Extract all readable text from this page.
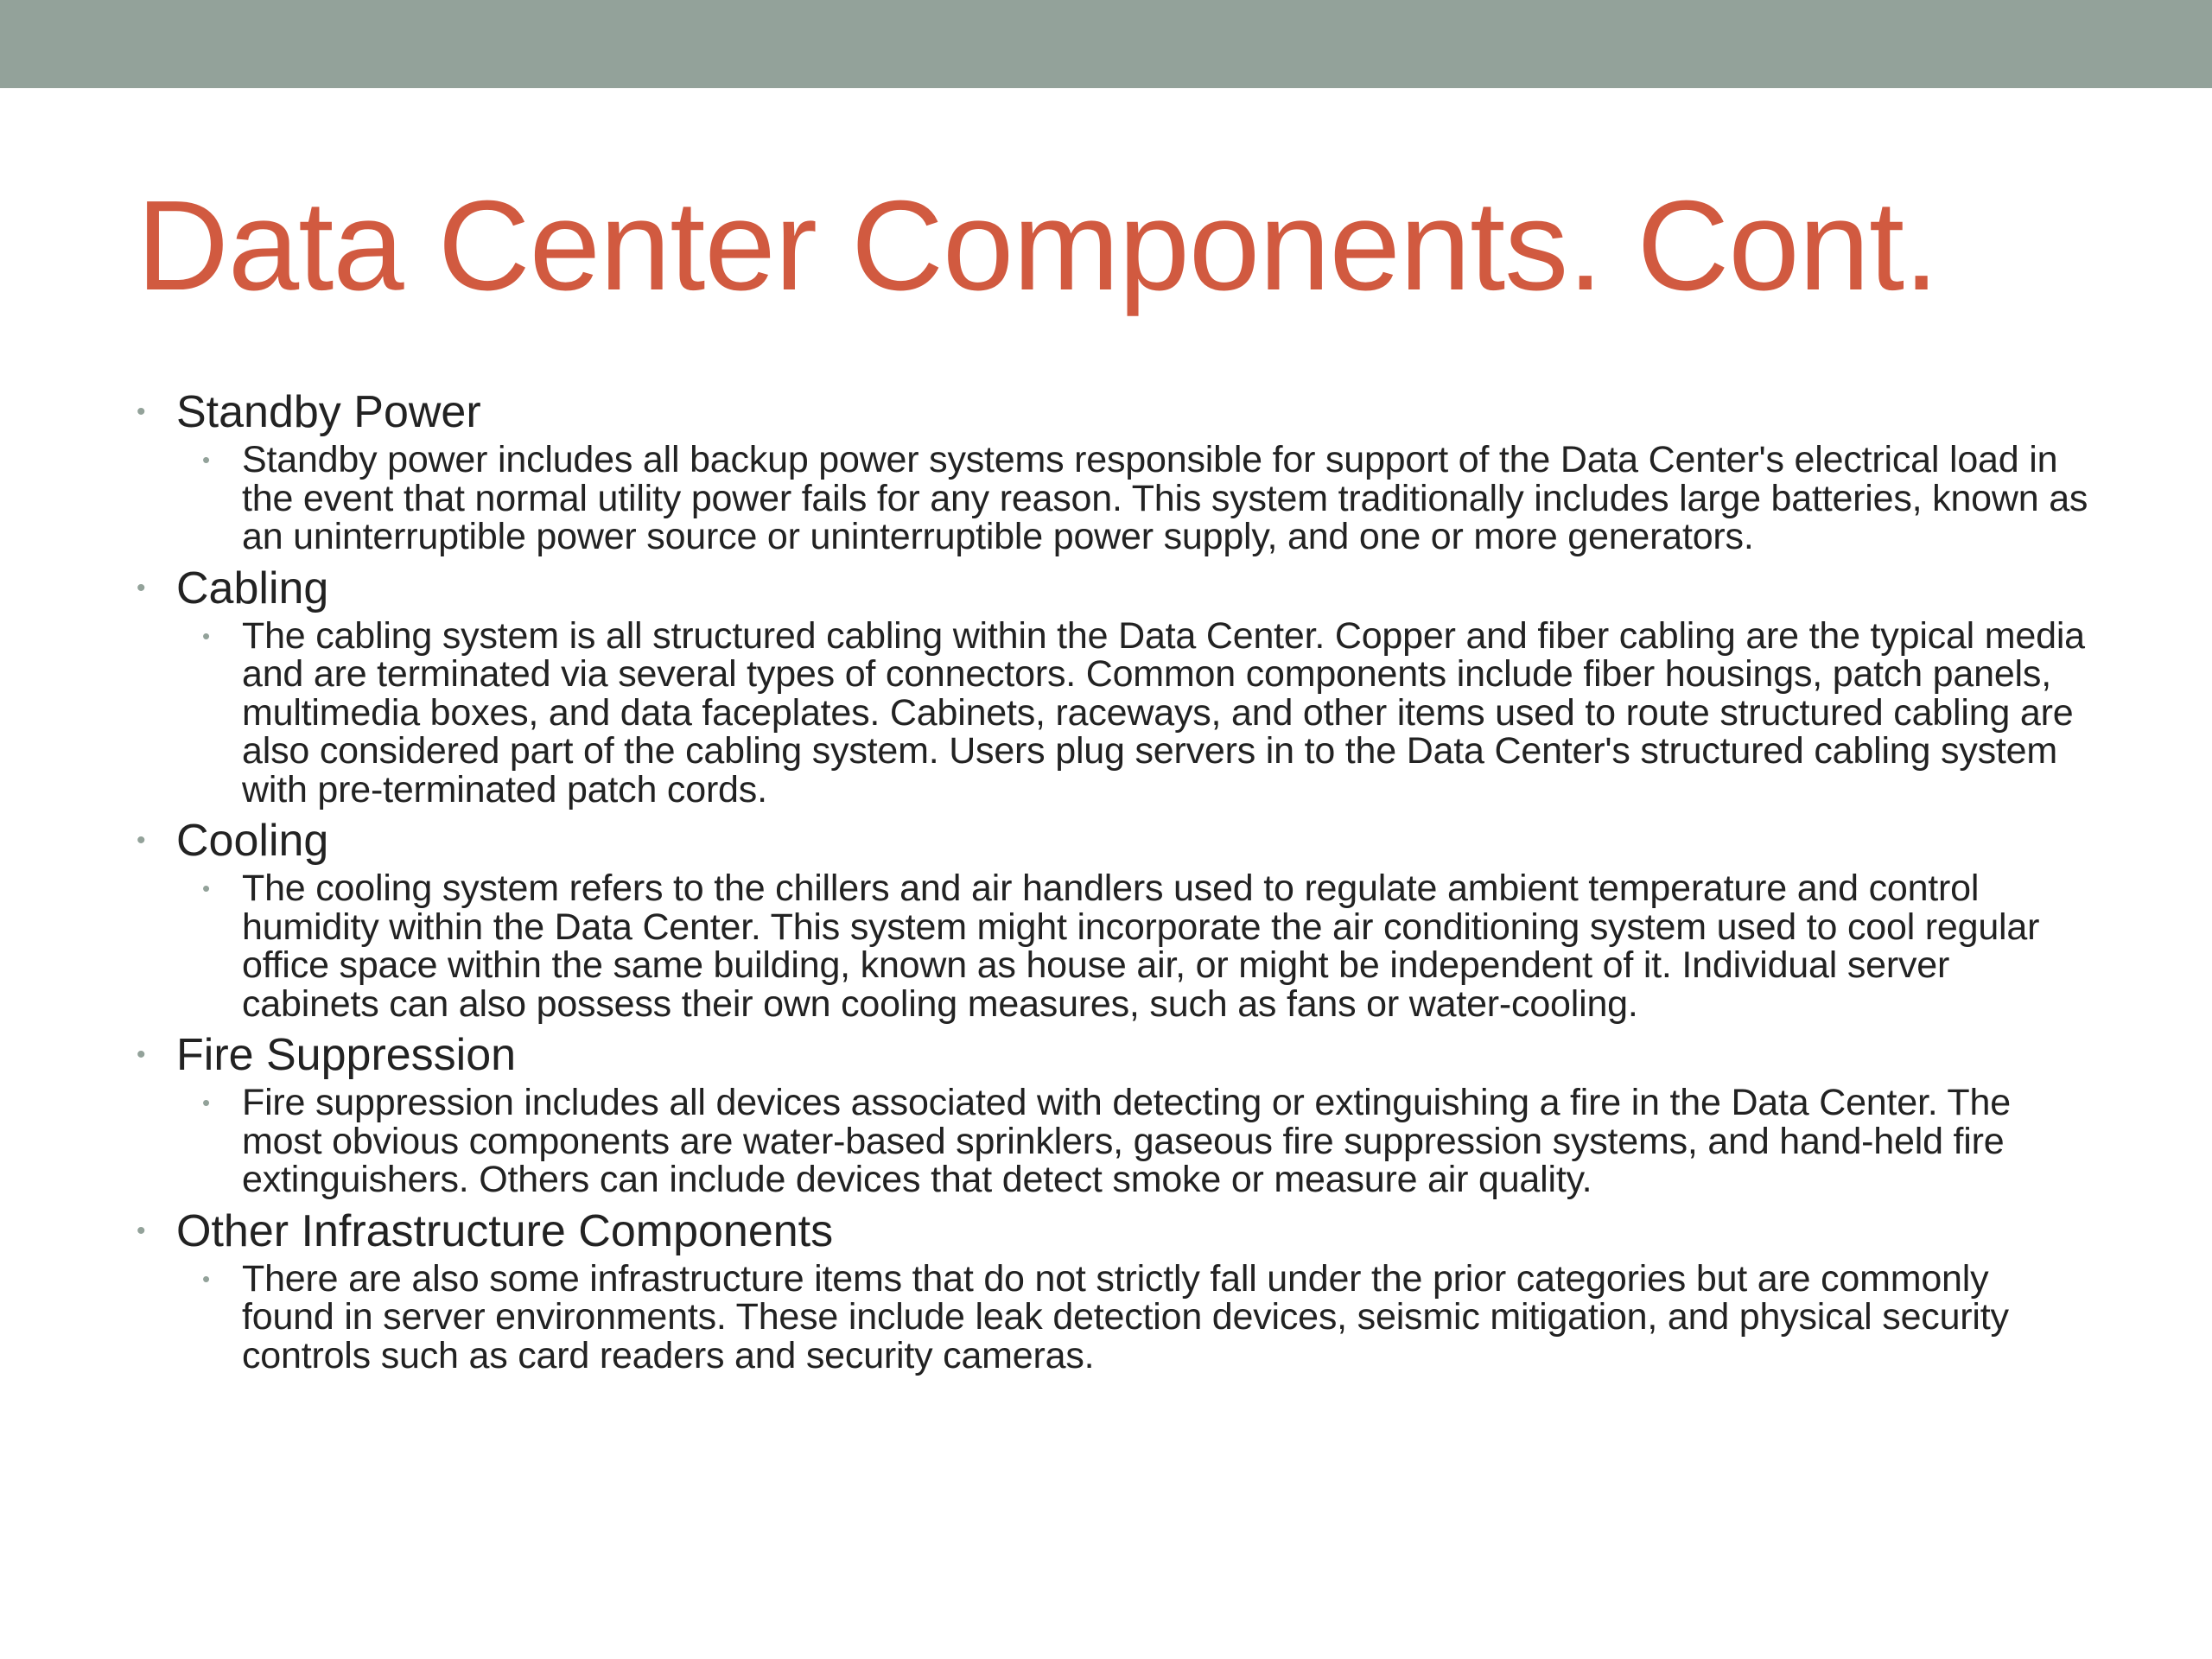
Data Center Components. Cont.
• Standby Power
• Standby power includes all backup power systems responsible for support of the Data Center's electrical load in the event that normal utility power fails for any reason. This system traditionally includes large batteries, known as an uninterruptible power source or uninterruptible power supply, and one or more generators.
• Cabling
• The cabling system is all structured cabling within the Data Center. Copper and fiber cabling are the typical media and are terminated via several types of connectors. Common components include fiber housings, patch panels, multimedia boxes, and data faceplates. Cabinets, raceways, and other items used to route structured cabling are also considered part of the cabling system. Users plug servers in to the Data Center's structured cabling system with pre-terminated patch cords.
• Cooling
• The cooling system refers to the chillers and air handlers used to regulate ambient temperature and control humidity within the Data Center. This system might incorporate the air conditioning system used to cool regular office space within the same building, known as house air, or might be independent of it. Individual server cabinets can also possess their own cooling measures, such as fans or water-cooling.
• Fire Suppression
• Fire suppression includes all devices associated with detecting or extinguishing a fire in the Data Center. The most obvious components are water-based sprinklers, gaseous fire suppression systems, and hand-held fire extinguishers. Others can include devices that detect smoke or measure air quality.
• Other Infrastructure Components
• There are also some infrastructure items that do not strictly fall under the prior categories but are commonly found in server environments. These include leak detection devices, seismic mitigation, and physical security controls such as card readers and security cameras.
